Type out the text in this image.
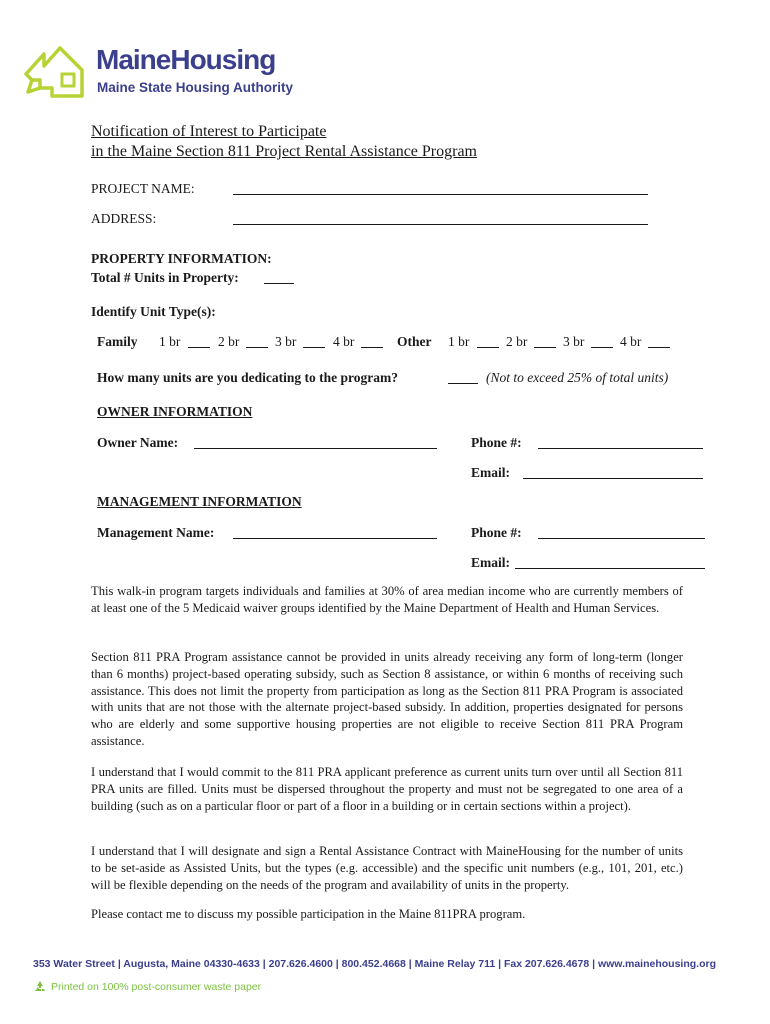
MaineHousing
Maine State Housing Authority
Notification of Interest to Participate
in the Maine Section 811 Project Rental Assistance Program
PROJECT NAME:
ADDRESS:
PROPERTY INFORMATION:
Total # Units in Property:
Identify Unit Type(s):
Family 1 br	2 br	3 br	4 br	Other 1 br	2 br	3 br	4 br
How many units are you dedicating to the program?	(Not to exceed 25% of total units)
OWNER INFORMATION
Owner Name:	Phone #:
Email:
MANAGEMENT INFORMATION
Management Name:	Phone #:
Email:
This walk-in program targets individuals and families at 30% of area median income who are currently members of at least one of the 5 Medicaid waiver groups identified by the Maine Department of Health and Human Services.
Section 811 PRA Program assistance cannot be provided in units already receiving any form of long-term (longer than 6 months) project-based operating subsidy, such as Section 8 assistance, or within 6 months of receiving such assistance. This does not limit the property from participation as long as the Section 811 PRA Program is associated with units that are not those with the alternate project-based subsidy. In addition, properties designated for persons who are elderly and some supportive housing properties are not eligible to receive Section 811 PRA Program assistance.
I understand that I would commit to the 811 PRA applicant preference as current units turn over until all Section 811 PRA units are filled. Units must be dispersed throughout the property and must not be segregated to one area of a building (such as on a particular floor or part of a floor in a building or in certain sections within a project).
I understand that I will designate and sign a Rental Assistance Contract with MaineHousing for the number of units to be set-aside as Assisted Units, but the types (e.g. accessible) and the specific unit numbers (e.g., 101, 201, etc.) will be flexible depending on the needs of the program and availability of units in the property.
Please contact me to discuss my possible participation in the Maine 811PRA program.
353 Water Street | Augusta, Maine 04330-4633 | 207.626.4600 | 800.452.4668 | Maine Relay 711 | Fax 207.626.4678 | www.mainehousing.org
Printed on 100% post-consumer waste paper
